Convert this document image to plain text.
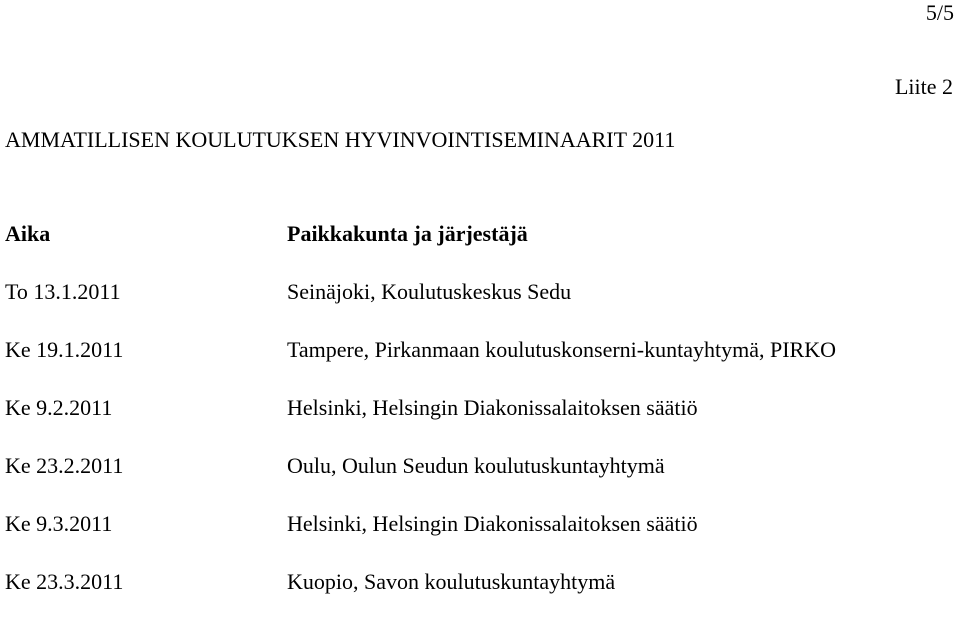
5/5
Liite 2
AMMATILLISEN KOULUTUKSEN HYVINVOINTISEMINAARIT 2011
Aika	Paikkakunta ja järjestäjä
To 13.1.2011	Seinäjoki, Koulutuskeskus Sedu
Ke 19.1.2011	Tampere, Pirkanmaan koulutuskonserni-kuntayhtymä, PIRKO
Ke 9.2.2011	Helsinki, Helsingin Diakonissalaitoksen säätiö
Ke 23.2.2011	Oulu, Oulun Seudun koulutuskuntayhtymä
Ke 9.3.2011	Helsinki, Helsingin Diakonissalaitoksen säätiö
Ke 23.3.2011	Kuopio, Savon koulutuskuntayhtymä
